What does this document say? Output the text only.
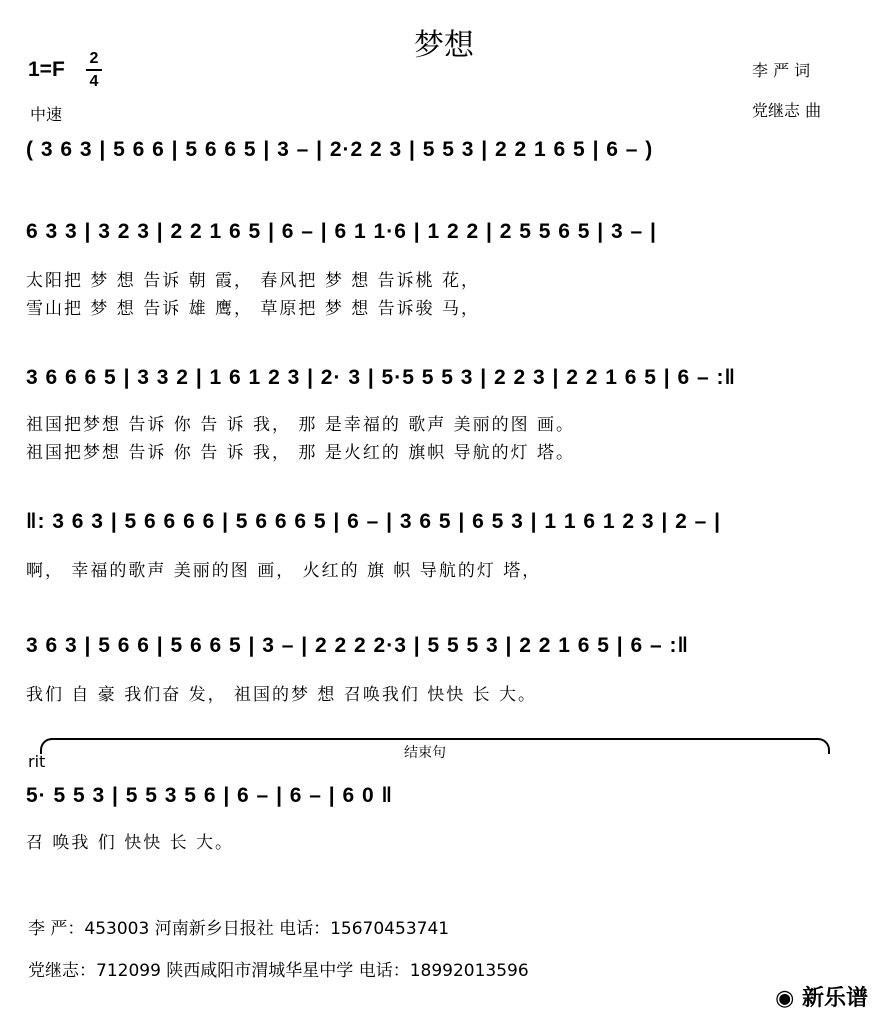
梦想
$1=F \frac{2}{4}$
中速
李 严 词
党继志 曲
( 3 6 3 | 5 6 6 | 5 6 6 5 | 3 – | 2·2 2 3 | 5 5 3 | 2 2 1 6 5 | 6 – )
6 3 3 | 3 2 3 | 2 2 1 6 5 | 6 – | 6 1 1·6 | 1 2 2 | 2 5 5 6 5 | 3 – |
太阳把 梦 想 告诉 朝 霞， 春风把 梦 想 告诉桃 花，
雪山把 梦 想 告诉 雄 鹰， 草原把 梦 想 告诉骏 马，
3 6 6 6 5 | 3 3 2 | 1 6 1 2 3 | 2· 3 | 5·5 5 5 3 | 2 2 3 | 2 2 1 6 5 | 6 – :‖
祖国把梦想 告诉 你 告 诉 我， 那 是幸福的 歌声 美丽的图 画。
祖国把梦想 告诉 你 告 诉 我， 那 是火红的 旗帜 导航的灯 塔。
‖: 3 6 3 | 5 6 6 6 6 | 5 6 6 6 5 | 6 – | 3 6 5 | 6 5 3 | 1 1 6 1 2 3 | 2 – |
啊， 幸福的歌声 美丽的图 画， 火红的 旗 帜 导航的灯 塔，
3 6 3 | 5 6 6 | 5 6 6 5 | 3 – | 2 2 2 2·3 | 5 5 5 3 | 2 2 1 6 5 | 6 – :‖
我们 自 豪 我们奋 发， 祖国的梦 想 召唤我们 快快 长 大。
rit	结束句
5· 5 5 3 | 5 5 3 5 6 | 6 – | 6 – | 6 0 ‖
召 唤我 们 快快 长 大。
李 严：453003 河南新乡日报社 电话：15670453741
党继志：712099 陕西咸阳市渭城华星中学 电话：18992013596
◉ 新乐谱
